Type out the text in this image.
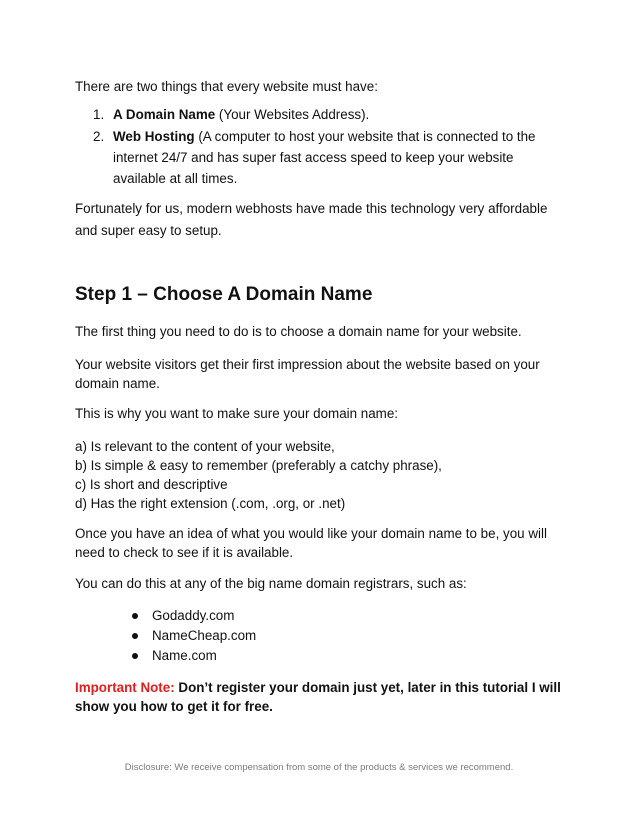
There are two things that every website must have:

1. A Domain Name (Your Websites Address).
2. Web Hosting (A computer to host your website that is connected to the internet 24/7 and has super fast access speed to keep your website available at all times.

Fortunately for us, modern webhosts have made this technology very affordable and super easy to setup.

Step 1 – Choose A Domain Name

The first thing you need to do is to choose a domain name for your website.

Your website visitors get their first impression about the website based on your domain name.

This is why you want to make sure your domain name:

a) Is relevant to the content of your website,
b) Is simple & easy to remember (preferably a catchy phrase),
c) Is short and descriptive
d) Has the right extension (.com, .org, or .net)

Once you have an idea of what you would like your domain name to be, you will need to check to see if it is available.

You can do this at any of the big name domain registrars, such as:

Godaddy.com
NameCheap.com
Name.com

Important Note: Don’t register your domain just yet, later in this tutorial I will show you how to get it for free.

Disclosure: We receive compensation from some of the products & services we recommend.
